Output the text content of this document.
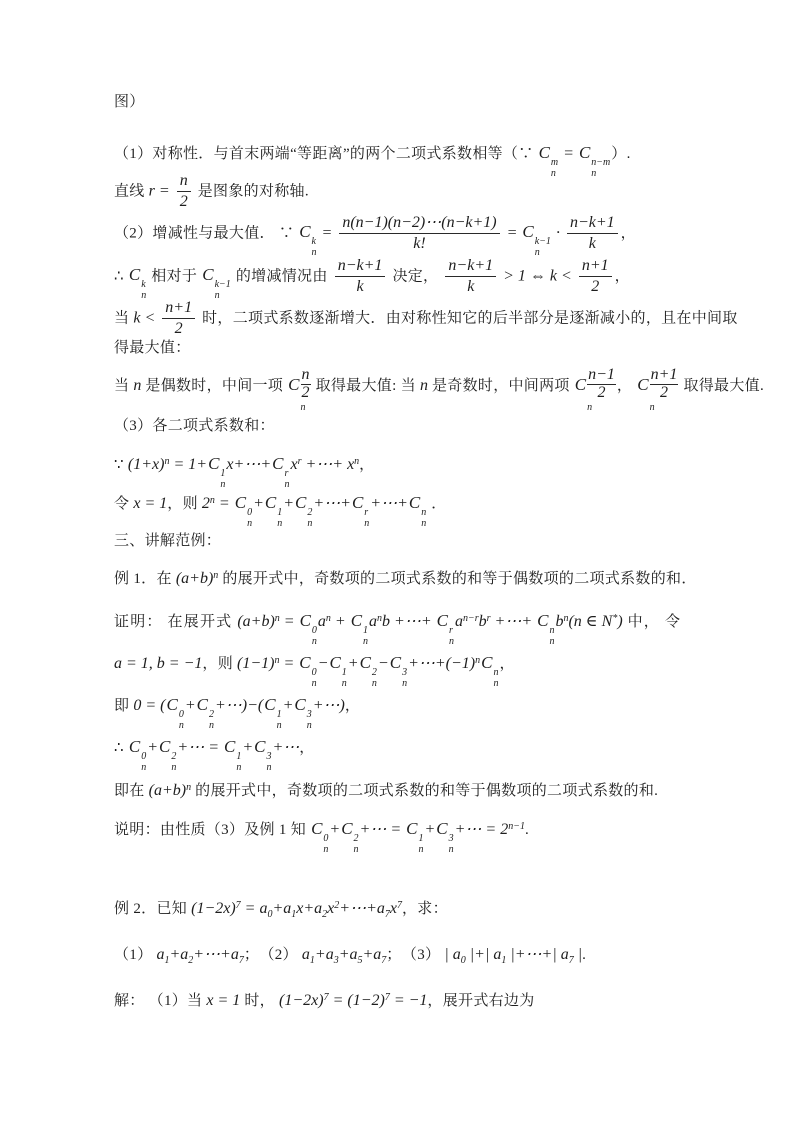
图）

（1）对称性．与首末两端“等距离”的两个二项式系数相等（∵ C
m
n
= C
n−m
n
）.

直线 $r = \frac{n}{2}$ 是图象的对称轴.

（2）增减性与最大值． ∵ C
k
n
= $\frac{n(n-1)(n-2)\cdots(n-k+1)}{k!} = C$
k−1
n
· $\frac{n-k+1}{k}$ ，

∴ C
k
n
相对于 C
k−1
n
的增减情况由 $\frac{n-k+1}{k}$ 决定， $\frac{n-k+1}{k} > 1$ ⇔ $k < \frac{n+1}{2}$ ，

当 $k < \frac{n+1}{2}$ 时，二项式系数逐渐增大．由对称性知它的后半部分是逐渐减小的，且在中间取

得最大值：

当 n 是偶数时，中间一项 C $\frac{n}{2}$
n
取得最大值: 当 n 是奇数时，中间两项 C $\frac{n-1}{2}$
n
， C $\frac{n+1}{2}$
n
取得最大值.

（3）各二项式系数和：

∵ $(1+x)^n = 1+C$
1
n
x+⋯+C
r
n
$x^r$ +⋯+ $x^n$，

令 x = 1，则 $2^n = C$
0
n
+C
1
n
+C
2
n
+⋯+C
r
n
+⋯+C
n
n
．

三、讲解范例：

例 1．在 $(a+b)^n$ 的展开式中，奇数项的二项式系数的和等于偶数项的二项式系数的和．

证明： 在展开式 $(a+b)^n = C$
0
n
$a^n + C$
1
n
$a^nb$ +⋯+ C
r
n
$a^{n-r}b^r$ +⋯+ C
n
n
$b^n(n$ ∈ N*) 中， 令

a = 1, b = −1，则 $(1-1)^n = C$
0
n
−C
1
n
+C
2
n
−C
3
n
$+\cdots+(-1)^nC$
n
n
，

即 0 = (C
0
n
+C
2
n
+⋯)−(C
1
n
+C
3
n
+⋯)，

∴ C
0
n
+C
2
n
+⋯ = C
1
n
+C
3
n
+⋯，

即在 $(a+b)^n$ 的展开式中，奇数项的二项式系数的和等于偶数项的二项式系数的和.

说明：由性质（3）及例 1 知 C
0
n
+C
2
n
+⋯ = C
1
n
+C
3
n
+⋯ = $2^{n-1}$.

例 2．已知 $(1-2x)^7$ = $a_0+a_1x+a_2x^2+\cdots+a_7x^7$，求：

（1） $a_1+a_2+\cdots+a_7$；　（2） $a_1+a_3+a_5+a_7$；　（3） | $a_0$ |+| $a_1$ |+⋯+| $a_7$ |.

解： （1）当 x = 1 时， $(1-2x)^7 = (1-2)^7 = -1$，展开式右边为
